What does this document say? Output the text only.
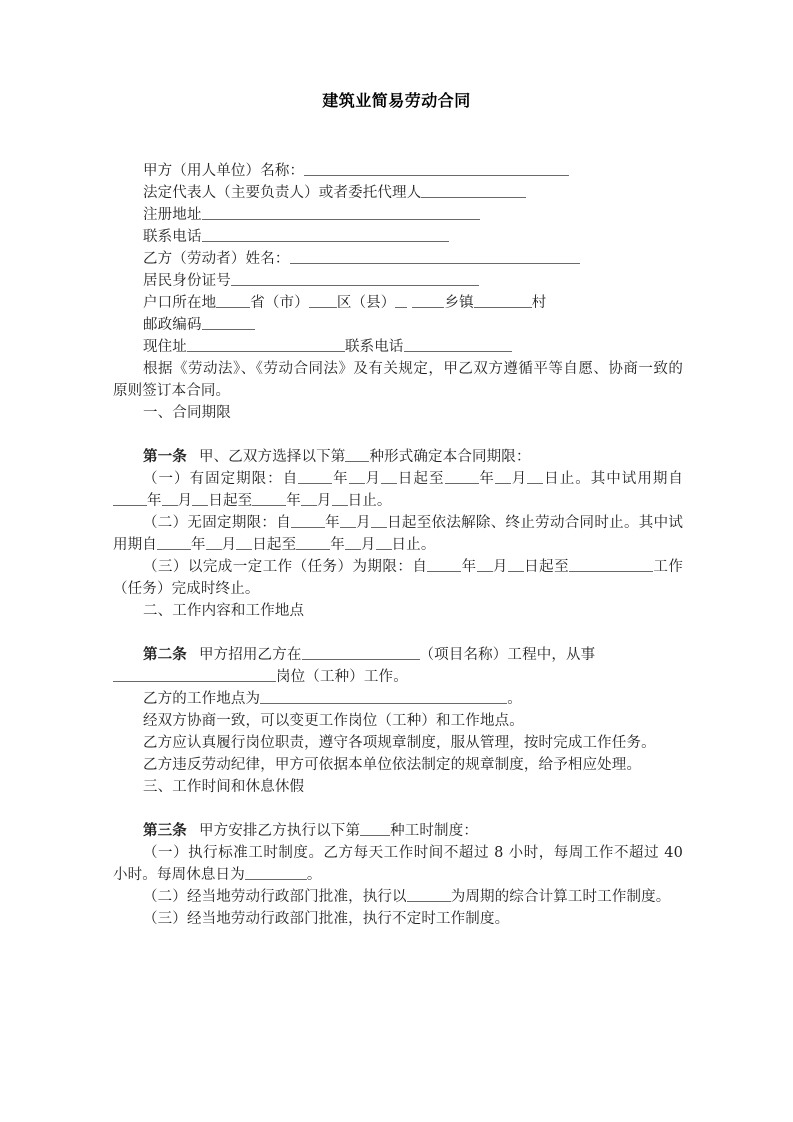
建筑业简易劳动合同
甲方（用人单位）名称：
法定代表人（主要负责人）或者委托代理人
注册地址
联系电话
乙方（劳动者）姓名：
居民身份证号
户口所在地 省（市） 区（县）	乡镇	村
邮政编码
现住址	联系电话
根据《劳动法》、《劳动合同法》及有关规定，甲乙双方遵循平等自愿、协商一致的原则签订本合同。
一、合同期限
第一条 甲、乙双方选择以下第 种形式确定本合同期限：
（一）有固定期限：自 年 月 日起至 年 月 日止。其中试用期自年 月 日起至 年 月 日止。
（二）无固定期限：自 年 月 日起至依法解除、终止劳动合同时止。其中试用期自 年 月 日起至 年 月 日止。
（三）以完成一定工作（任务）为期限：自 年 月 日起至	工作（任务）完成时终止。
二、工作内容和工作地点
第二条 甲方招用乙方在	（项目名称）工程中，从事
岗位（工种）工作。
乙方的工作地点为	。
经双方协商一致，可以变更工作岗位（工种）和工作地点。
乙方应认真履行岗位职责，遵守各项规章制度，服从管理，按时完成工作任务。
乙方违反劳动纪律，甲方可依据本单位依法制定的规章制度，给予相应处理。
三、工作时间和休息休假
第三条 甲方安排乙方执行以下第 种工时制度：
（一）执行标准工时制度。乙方每天工作时间不超过 8 小时，每周工作不超过 40 小时。每周休息日为	。
（二）经当地劳动行政部门批准，执行以	为周期的综合计算工时工作制度。
（三）经当地劳动行政部门批准，执行不定时工作制度。
